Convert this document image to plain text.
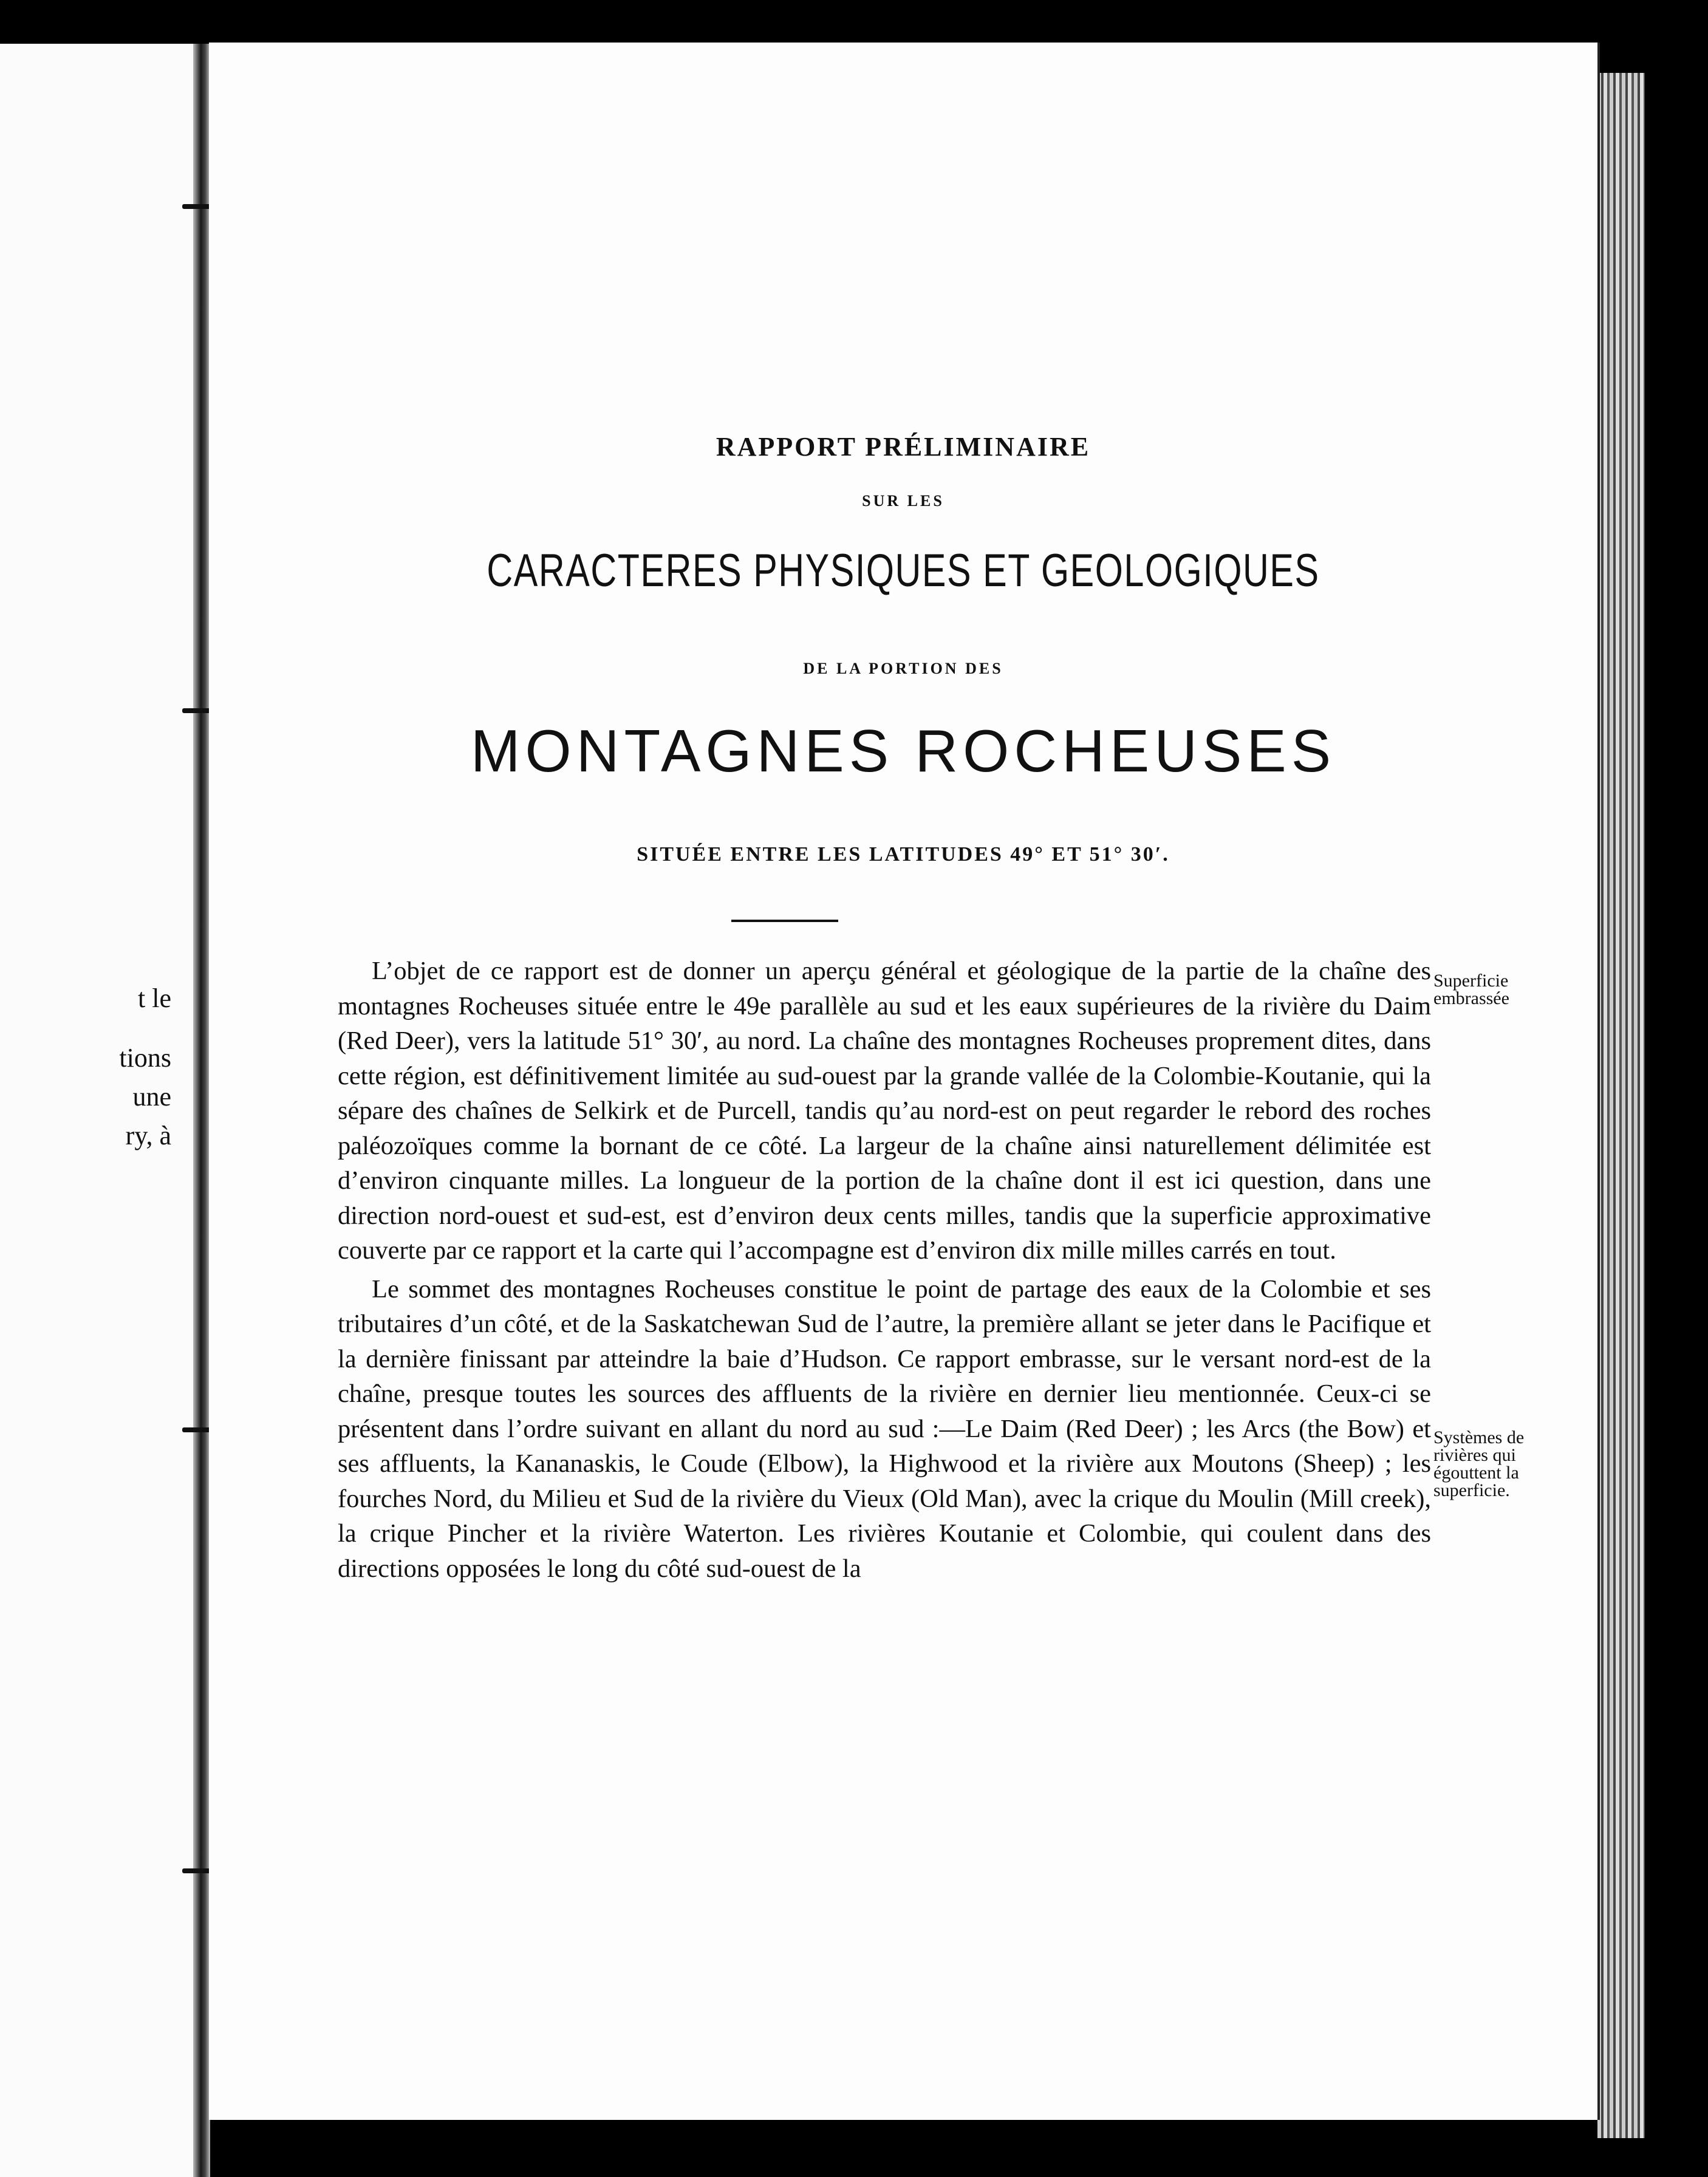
t le
tions
une
ry, à
RAPPORT PRÉLIMINAIRE
SUR LES
CARACTERES PHYSIQUES ET GEOLOGIQUES
DE LA PORTION DES
MONTAGNES ROCHEUSES
SITUÉE ENTRE LES LATITUDES 49° ET 51° 30′.

L’objet de ce rapport est de donner un aperçu général et géologique de la partie de la chaîne des montagnes Rocheuses située entre le 49e parallèle au sud et les eaux supérieures de la rivière du Daim (Red Deer), vers la latitude 51° 30′, au nord. La chaîne des montagnes Rocheuses proprement dites, dans cette région, est définitivement limitée au sud-ouest par la grande vallée de la Colombie-Koutanie, qui la sépare des chaînes de Selkirk et de Purcell, tandis qu’au nord-est on peut regarder le rebord des roches paléozoïques comme la bornant de ce côté. La largeur de la chaîne ainsi naturellement délimitée est d’environ cinquante milles. La longueur de la portion de la chaîne dont il est ici question, dans une direction nord-ouest et sud-est, est d’environ deux cents milles, tandis que la superficie approximative couverte par ce rapport et la carte qui l’accompagne est d’environ dix mille milles carrés en tout.

Le sommet des montagnes Rocheuses constitue le point de partage des eaux de la Colombie et ses tributaires d’un côté, et de la Saskatchewan Sud de l’autre, la première allant se jeter dans le Pacifique et la dernière finissant par atteindre la baie d’Hudson. Ce rapport embrasse, sur le versant nord-est de la chaîne, presque toutes les sources des affluents de la rivière en dernier lieu mentionnée. Ceux-ci se présentent dans l’ordre suivant en allant du nord au sud :—Le Daim (Red Deer) ; les Arcs (the Bow) et ses affluents, la Kananaskis, le Coude (Elbow), la Highwood et la rivière aux Moutons (Sheep) ; les fourches Nord, du Milieu et Sud de la rivière du Vieux (Old Man), avec la crique du Moulin (Mill creek), la crique Pincher et la rivière Waterton. Les rivières Koutanie et Colombie, qui coulent dans des directions opposées le long du côté sud-ouest de la

Superficie embrassée
Systèmes de rivières qui égouttent la superficie.
